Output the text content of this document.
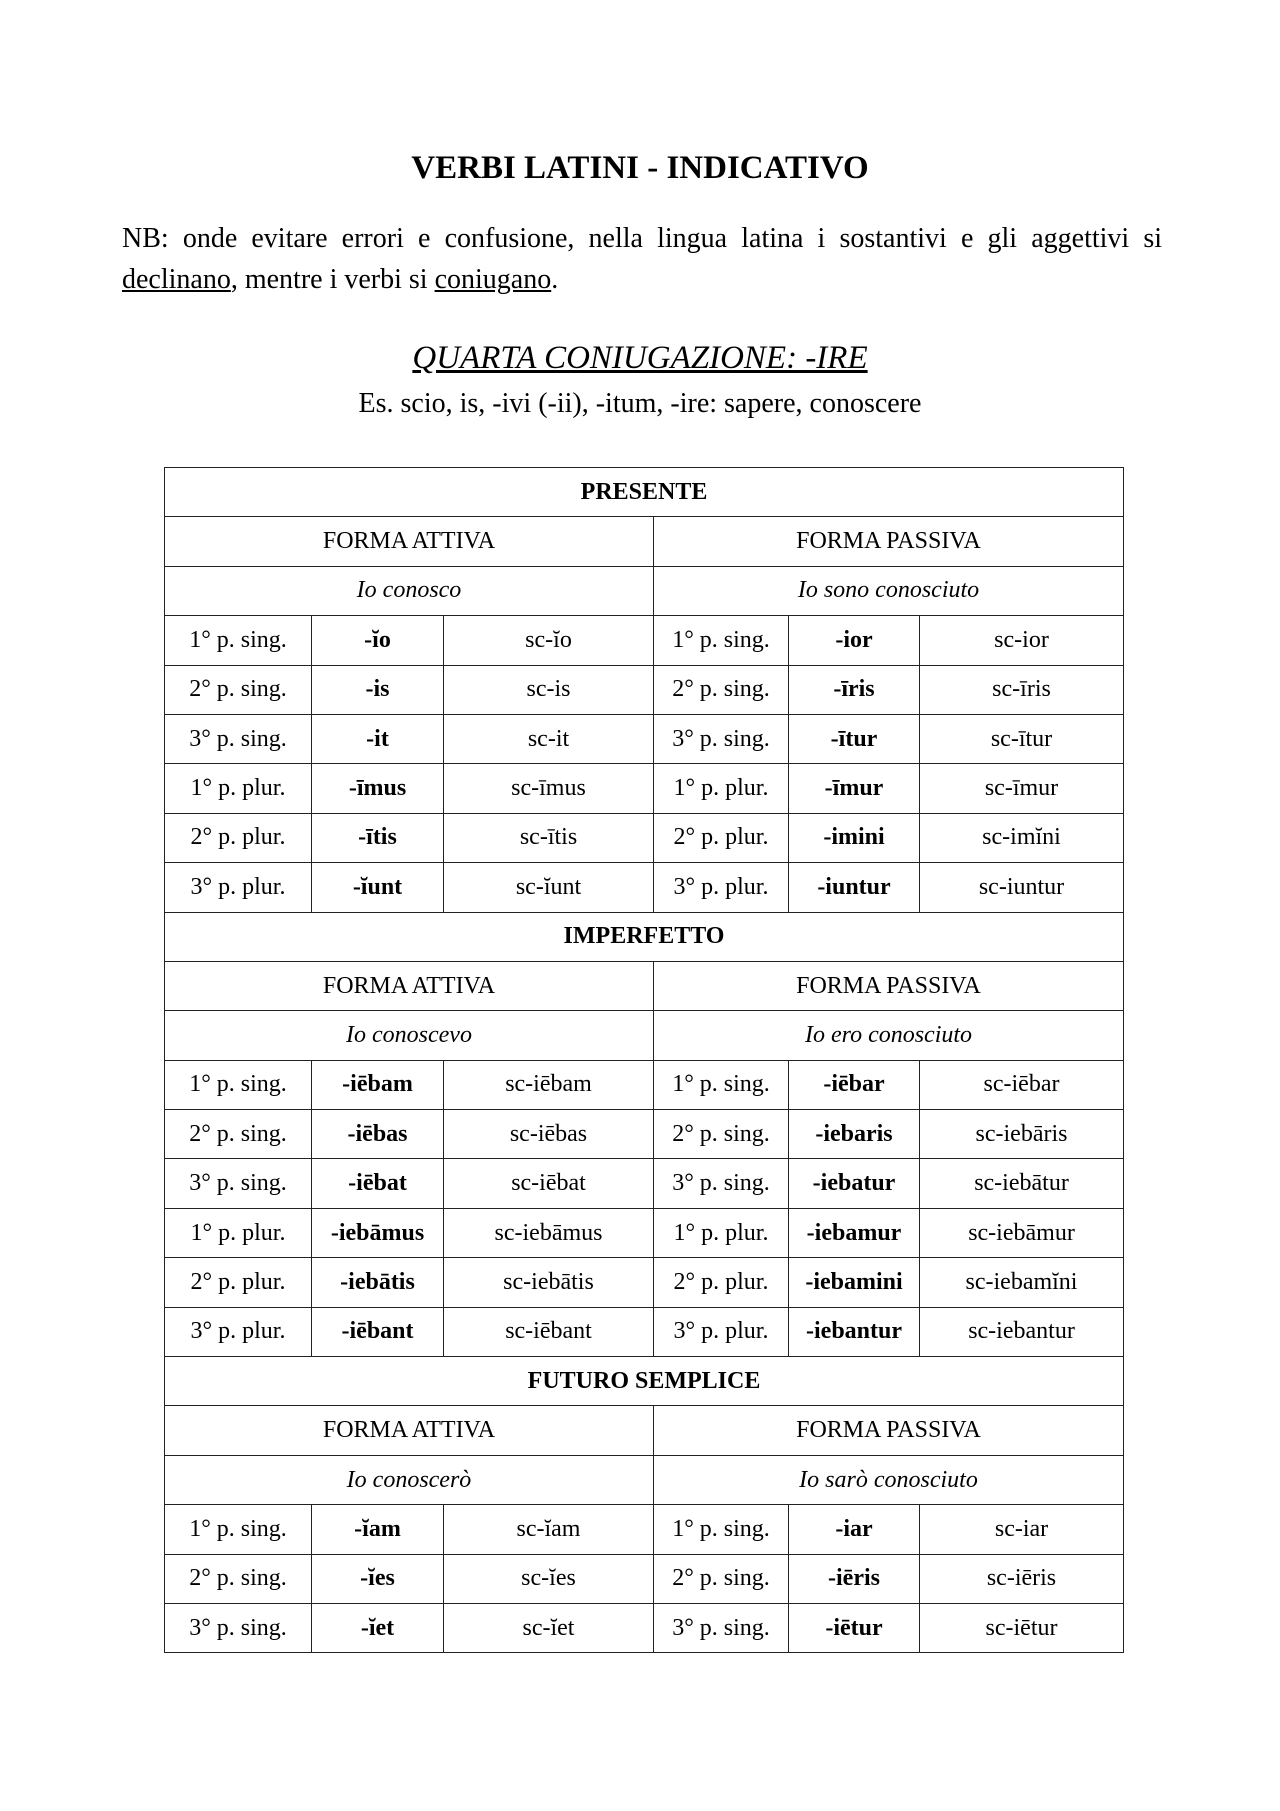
VERBI LATINI - INDICATIVO
NB: onde evitare errori e confusione, nella lingua latina i sostantivi e gli aggettivi si declinano, mentre i verbi si coniugano.
QUARTA CONIUGAZIONE: -IRE
Es. scio, is, -ivi (-ii), -itum, -ire: sapere, conoscere
PRESENTE					
FORMA ATTIVA			FORMA PASSIVA		
Io conosco			Io sono conosciuto		
1° p. sing.	-ĭo	sc-ĭo	1° p. sing.	-ior	sc-ior
2° p. sing.	-is	sc-is	2° p. sing.	-īris	sc-īris
3° p. sing.	-it	sc-it	3° p. sing.	-ītur	sc-ītur
1° p. plur.	-īmus	sc-īmus	1° p. plur.	-īmur	sc-īmur
2° p. plur.	-ītis	sc-ītis	2° p. plur.	-imini	sc-imĭni
3° p. plur.	-ĭunt	sc-ĭunt	3° p. plur.	-iuntur	sc-iuntur
IMPERFETTO					
FORMA ATTIVA			FORMA PASSIVA		
Io conoscevo			Io ero conosciuto		
1° p. sing.	-iēbam	sc-iēbam	1° p. sing.	-iēbar	sc-iēbar
2° p. sing.	-iēbas	sc-iēbas	2° p. sing.	-iebaris	sc-iebāris
3° p. sing.	-iēbat	sc-iēbat	3° p. sing.	-iebatur	sc-iebātur
1° p. plur.	-iebāmus	sc-iebāmus	1° p. plur.	-iebamur	sc-iebāmur
2° p. plur.	-iebātis	sc-iebātis	2° p. plur.	-iebamini	sc-iebamĭni
3° p. plur.	-iēbant	sc-iēbant	3° p. plur.	-iebantur	sc-iebantur
FUTURO SEMPLICE					
FORMA ATTIVA			FORMA PASSIVA		
Io conoscerò			Io sarò conosciuto		
1° p. sing.	-ĭam	sc-ĭam	1° p. sing.	-iar	sc-iar
2° p. sing.	-ĭes	sc-ĭes	2° p. sing.	-iēris	sc-iēris
3° p. sing.	-ĭet	sc-ĭet	3° p. sing.	-iētur	sc-iētur
